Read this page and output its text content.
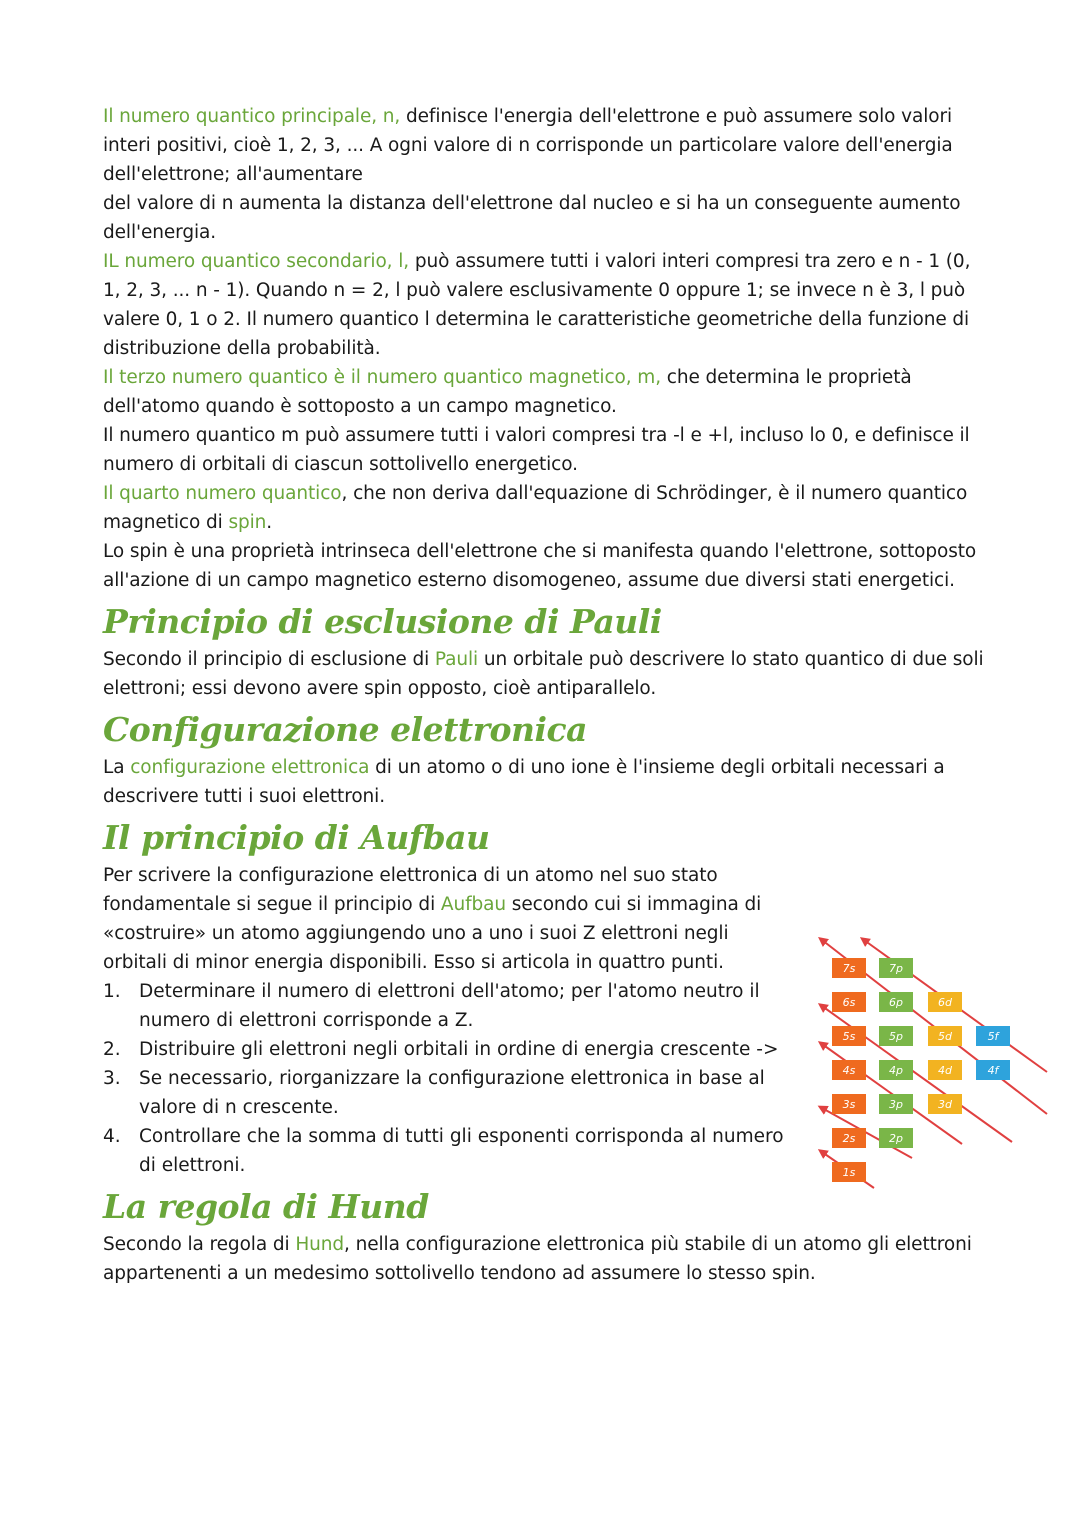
Il numero quantico principale, n, definisce l'energia dell'elettrone e può assumere solo valori interi positivi, cioè 1, 2, 3, ... A ogni valore di n corrisponde un particolare valore dell'energia dell'elettrone; all'aumentare

del valore di n aumenta la distanza dell'elettrone dal nucleo e si ha un conseguente aumento dell'energia.

IL numero quantico secondario, l, può assumere tutti i valori interi compresi tra zero e n - 1 (0, 1, 2, 3, ... n - 1). Quando n = 2, l può valere esclusivamente 0 oppure 1; se invece n è 3, l può valere 0, 1 o 2. Il numero quantico l determina le caratteristiche geometriche della funzione di distribuzione della probabilità.

Il terzo numero quantico è il numero quantico magnetico, m, che determina le proprietà dell'atomo quando è sottoposto a un campo magnetico.

Il numero quantico m può assumere tutti i valori compresi tra -l e +l, incluso lo 0, e definisce il numero di orbitali di ciascun sottolivello energetico.

Il quarto numero quantico, che non deriva dall'equazione di Schrödinger, è il numero quantico magnetico di spin.

Lo spin è una proprietà intrinseca dell'elettrone che si manifesta quando l'elettrone, sottoposto all'azione di un campo magnetico esterno disomogeneo, assume due diversi stati energetici.

Principio di esclusione di Pauli

Secondo il principio di esclusione di Pauli un orbitale può descrivere lo stato quantico di due soli elettroni; essi devono avere spin opposto, cioè antiparallelo.

Configurazione elettronica

La configurazione elettronica di un atomo o di uno ione è l'insieme degli orbitali necessari a descrivere tutti i suoi elettroni.

Il principio di Aufbau

Per scrivere la configurazione elettronica di un atomo nel suo stato fondamentale si segue il principio di Aufbau secondo cui si immagina di «costruire» un atomo aggiungendo uno a uno i suoi Z elettroni negli orbitali di minor energia disponibili. Esso si articola in quattro punti.

1. Determinare il numero di elettroni dell'atomo; per l'atomo neutro il numero di elettroni corrisponde a Z.
2. Distribuire gli elettroni negli orbitali in ordine di energia crescente ->
3. Se necessario, riorganizzare la configurazione elettronica in base al valore di n crescente.
4. Controllare che la somma di tutti gli esponenti corrisponda al numero di elettroni.
La regola di Hund

Secondo la regola di Hund, nella configurazione elettronica più stabile di un atomo gli elettroni appartenenti a un medesimo sottolivello tendono ad assumere lo stesso spin.

7s
6s
5s
4s
3s
2s
1s
7p
6p
5p
4p
3p
2p
6d
5d
4d
3d
5f
4f
